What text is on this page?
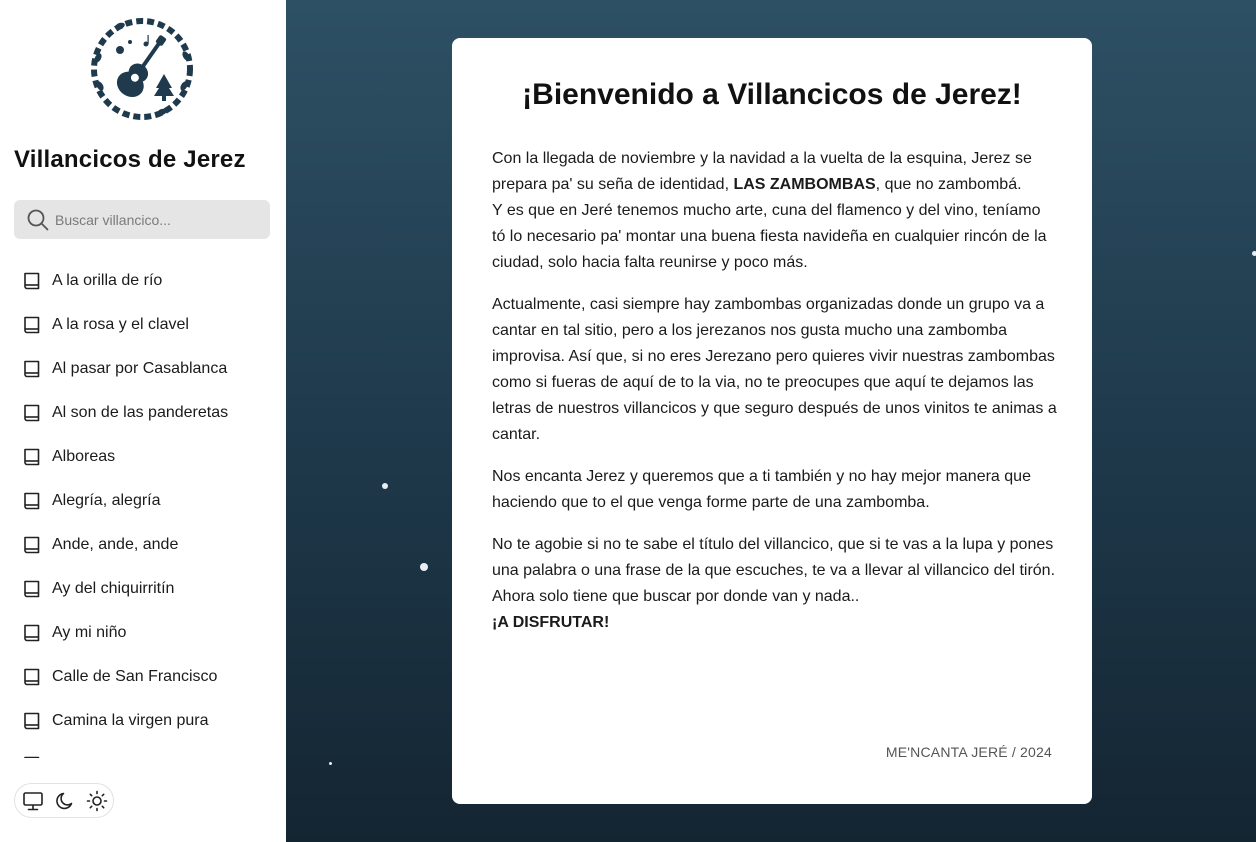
Villancicos de Jerez
Buscar villancico...
A la orilla de río
A la rosa y el clavel
Al pasar por Casablanca
Al son de las panderetas
Alboreas
Alegría, alegría
Ande, ande, ande
Ay del chiquirritín
Ay mi niño
Calle de San Francisco
Camina la virgen pura
¡Bienvenido a Villancicos de Jerez!

Con la llegada de noviembre y la navidad a la vuelta de la esquina, Jerez se prepara pa' su seña de identidad, LAS ZAMBOMBAS, que no zambombá.
Y es que en Jeré tenemos mucho arte, cuna del flamenco y del vino, teníamo tó lo necesario pa' montar una buena fiesta navideña en cualquier rincón de la ciudad, solo hacia falta reunirse y poco más.

Actualmente, casi siempre hay zambombas organizadas donde un grupo va a cantar en tal sitio, pero a los jerezanos nos gusta mucho una zambomba improvisa. Así que, si no eres Jerezano pero quieres vivir nuestras zambombas como si fueras de aquí de to la via, no te preocupes que aquí te dejamos las letras de nuestros villancicos y que seguro después de unos vinitos te animas a cantar.

Nos encanta Jerez y queremos que a ti también y no hay mejor manera que haciendo que to el que venga forme parte de una zambomba.

No te agobie si no te sabe el título del villancico, que si te vas a la lupa y pones una palabra o una frase de la que escuches, te va a llevar al villancico del tirón. Ahora solo tiene que buscar por donde van y nada..
¡A DISFRUTAR!

ME'NCANTA JERÉ / 2024
